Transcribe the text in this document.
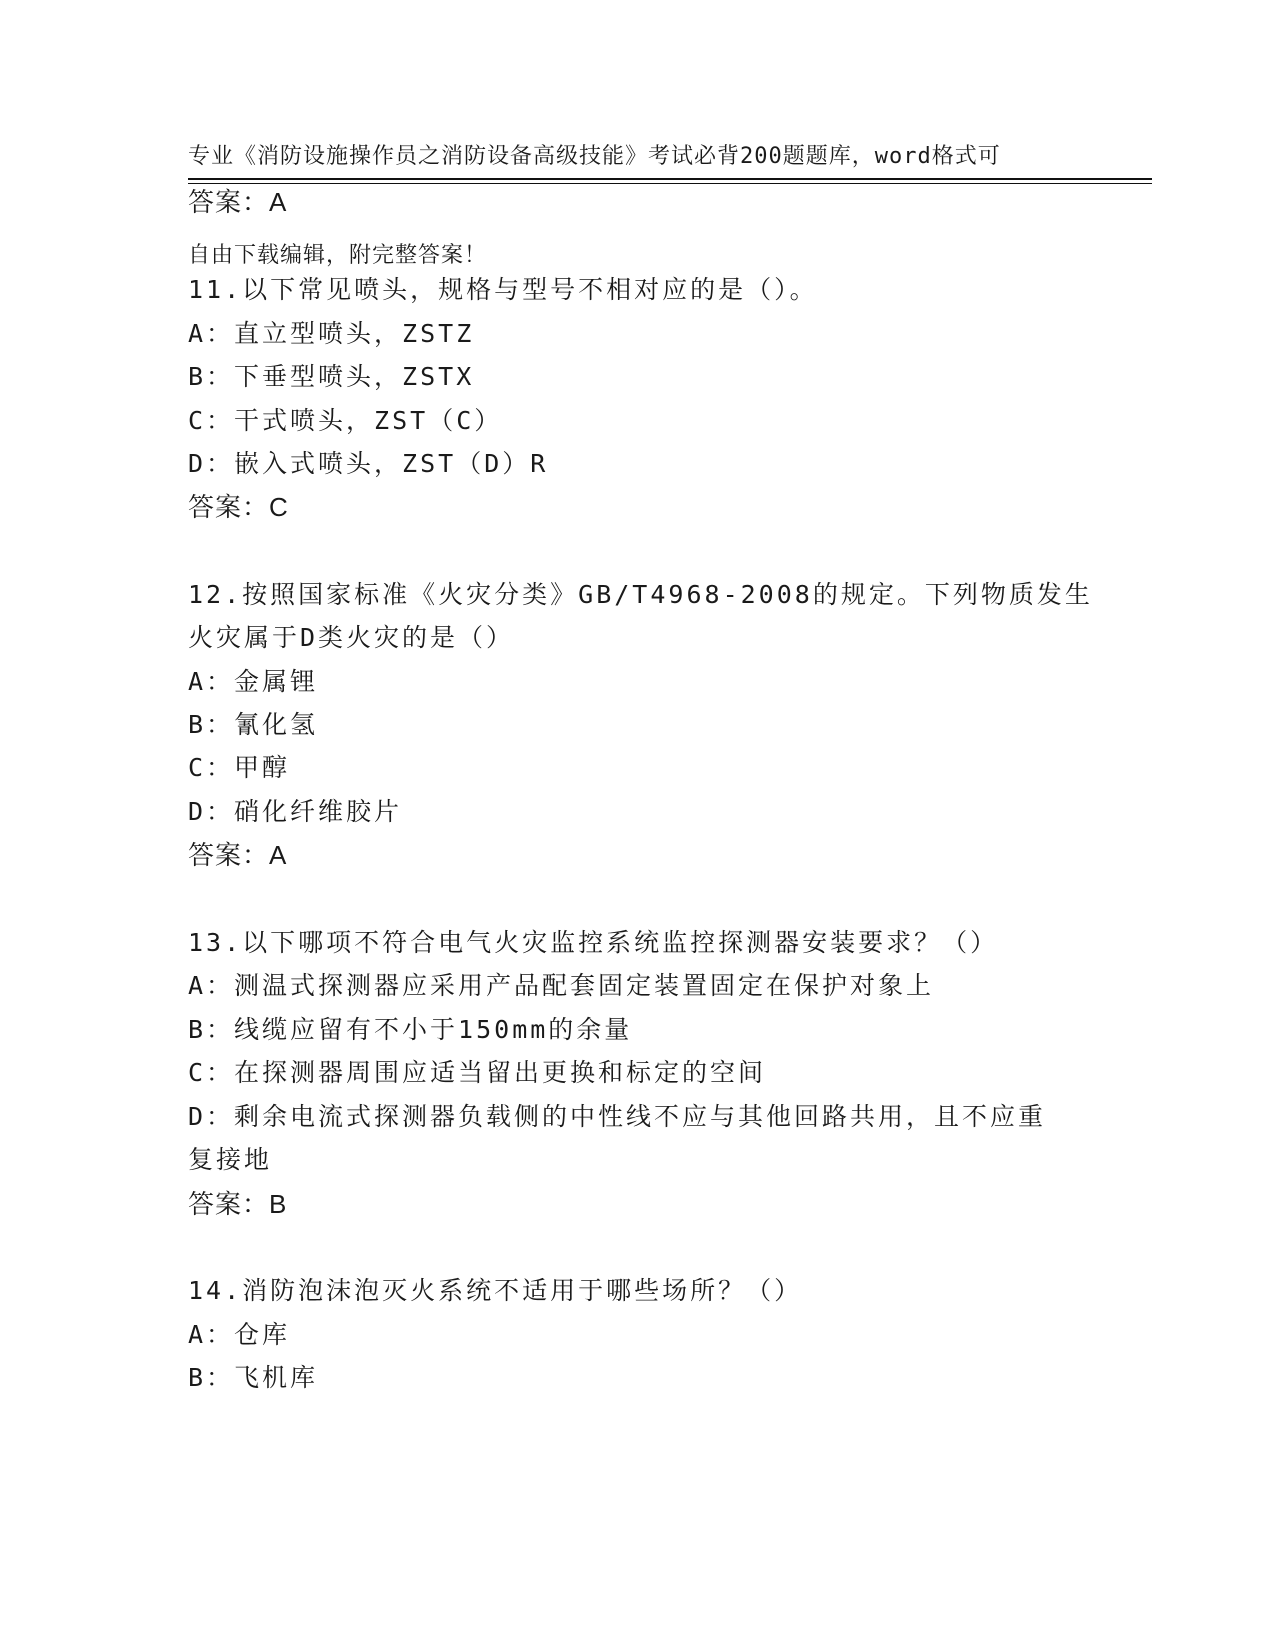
专业《消防设施操作员之消防设备高级技能》考试必背200题题库，word格式可

自由下载编辑，附完整答案！

答案：A
11.以下常见喷头，规格与型号不相对应的是（）。
A：直立型喷头，ZSTZ
B：下垂型喷头，ZSTX
C：干式喷头，ZST（C）
D：嵌入式喷头，ZST（D）R
答案：C
12.按照国家标准《火灾分类》GB/T4968-2008的规定。下列物质发生
火灾属于D类火灾的是（）
A：金属锂
B：氰化氢
C：甲醇
D：硝化纤维胶片
答案：A
13.以下哪项不符合电气火灾监控系统监控探测器安装要求？（）
A：测温式探测器应采用产品配套固定装置固定在保护对象上
B：线缆应留有不小于150mm的余量
C：在探测器周围应适当留出更换和标定的空间
D：剩余电流式探测器负载侧的中性线不应与其他回路共用，且不应重
复接地
答案：B
14.消防泡沫泡灭火系统不适用于哪些场所？（）
A：仓库
B：飞机库
